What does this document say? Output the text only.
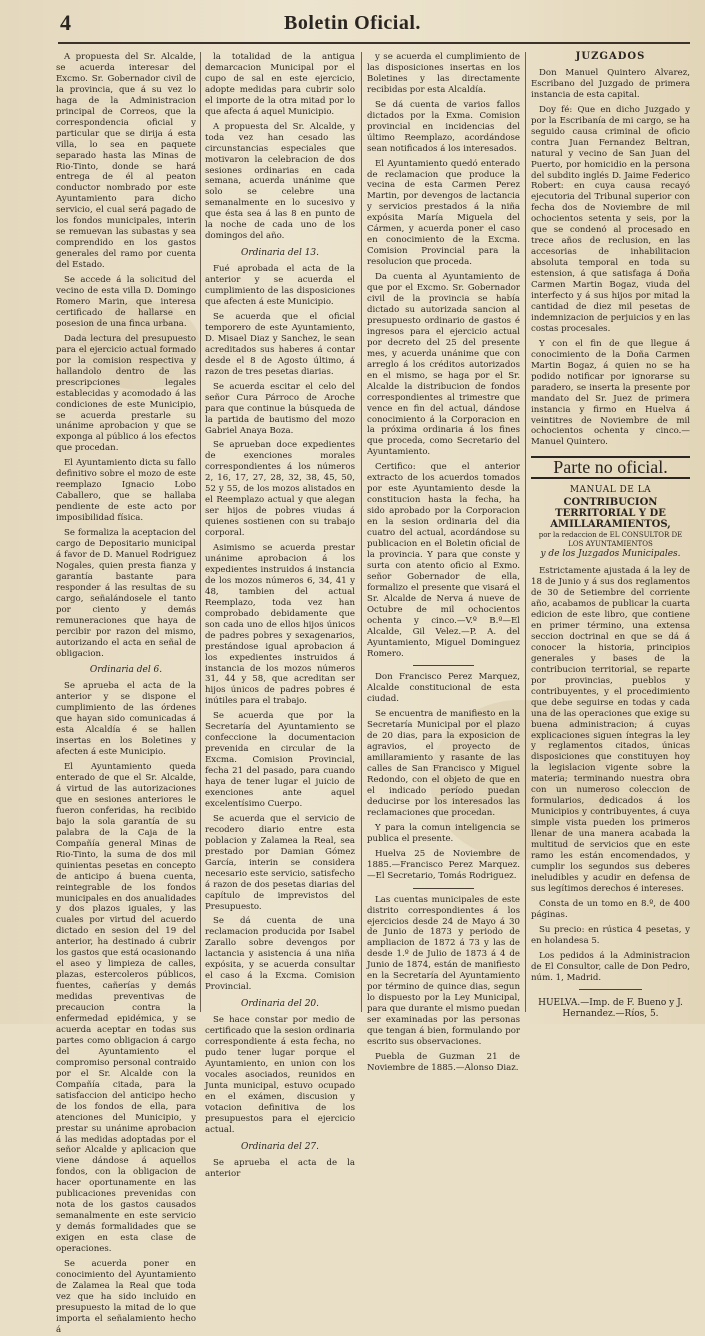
4	Boletin Oficial.

A propuesta del Sr. Alcalde, se acuerda interesar del Excmo. Sr. Gobernador civil de la provincia, que á su vez lo haga de la Administracion principal de Correos, que la correspondencia oficial y particular que se dirija á esta villa, lo sea en paquete separado hasta las Minas de Rio-Tinto, donde se hará entrega de él al peaton conductor nombrado por este Ayuntamiento para dicho servicio, el cual será pagado de los fondos municipales, interin se remuevan las subastas y sea comprendido en los gastos generales del ramo por cuenta del Estado.

Se accede á la solicitud del vecino de esta villa D. Domingo Romero Marin, que interesa certificado de hallarse en posesion de una finca urbana.

Dada lectura del presupuesto para el ejercicio actual formado por la comision respectiva y hallandolo dentro de las prescripciones legales establecidas y acomodado á las condiciones de este Municipio, se acuerda prestarle su unánime aprobacion y que se exponga al público á los efectos que procedan.

El Ayuntamiento dicta su fallo definitivo sobre el mozo de este reemplazo Ignacio Lobo Caballero, que se hallaba pendiente de este acto por imposibilidad física.

Se formaliza la aceptacion del cargo de Depositario municipal á favor de D. Manuel Rodriguez Nogales, quien presta fianza y garantía bastante para responder á las resultas de su cargo, señalándosele el tanto por ciento y demás remuneraciones que haya de percibir por razon del mismo, autorizando el acta en señal de obligacion.

Ordinaria del 6.

Se aprueba el acta de la anterior y se dispone el cumplimiento de las órdenes que hayan sido comunicadas á esta Alcaldía é se hallen insertas en los Boletines y afecten á este Municipio.

El Ayuntamiento queda enterado de que el Sr. Alcalde, á virtud de las autorizaciones que en sesiones anteriores le fueron conferidas, ha recibido bajo la sola garantía de su palabra de la Caja de la Compañía general Minas de Rio-Tinto, la suma de dos mil quinientas pesetas en concepto de anticipo á buena cuenta, reintegrable de los fondos municipales en dos anualidades y dos plazos iguales, y las cuales por virtud del acuerdo dictado en sesion del 19 del anterior, ha destinado á cubrir los gastos que está ocasionando el aseo y limpieza de calles, plazas, estercoleros públicos, fuentes, cañerías y demás medidas preventivas de precaucion contra la enfermedad epidémica, y se acuerda aceptar en todas sus partes como obligacion á cargo del Ayuntamiento el compromiso personal contraido por el Sr. Alcalde con la Compañía citada, para la satisfaccion del anticipo hecho de los fondos de ella, para atenciones del Municipio, y prestar su unánime aprobacion á las medidas adoptadas por el señor Alcalde y aplicacion que viene dándose á aquellos fondos, con la obligacion de hacer oportunamente en las publicaciones prevenidas con nota de los gastos causados semanalmente en este servicio y demás formalidades que se exigen en esta clase de operaciones.

Se acuerda poner en conocimiento del Ayuntamiento de Zalamea la Real que toda vez que ha sido incluido en presupuesto la mitad de lo que importa el señalamiento hecho á

la totalidad de la antigua demarcacion Municipal por el cupo de sal en este ejercicio, adopte medidas para cubrir solo el importe de la otra mitad por lo que afecta á aquel Municipio.

A propuesta del Sr. Alcalde, y toda vez han cesado las circunstancias especiales que motivaron la celebracion de dos sesiones ordinarias en cada semana, acuerda unánime que solo se celebre una semanalmente en lo sucesivo y que ésta sea á las 8 en punto de la noche de cada uno de los domingos del año.

Ordinaria del 13.

Fué aprobada el acta de la anterior y se acuerda el cumplimiento de las disposiciones que afecten á este Municipio.

Se acuerda que el oficial temporero de este Ayuntamiento, D. Misael Diaz y Sanchez, le sean acreditados sus haberes á contar desde el 8 de Agosto último, á razon de tres pesetas diarias.

Se acuerda escitar el celo del señor Cura Párroco de Aroche para que continue la búsqueda de la partida de bautismo del mozo Gabriel Anaya Boza.

Se aprueban doce expedientes de exenciones morales correspondientes á los números 2, 16, 17, 27, 28, 32, 38, 45, 50, 52 y 55, de los mozos alistados en el Reemplazo actual y que alegan ser hijos de pobres viudas á quienes sostienen con su trabajo corporal.

Asimismo se acuerda prestar unánime aprobacion á los expedientes instruidos á instancia de los mozos números 6, 34, 41 y 48, tambien del actual Reemplazo, toda vez han comprobado debidamente que son cada uno de ellos hijos únicos de padres pobres y sexagenarios, prestándose igual aprobacion á los expedientes instruidos á instancia de los mozos números 31, 44 y 58, que acreditan ser hijos únicos de padres pobres é inútiles para el trabajo.

Se acuerda que por la Secretaría del Ayuntamiento se confeccione la documentacion prevenida en circular de la Excma. Comision Provincial, fecha 21 del pasado, para cuando haya de tener lugar el juicio de exenciones ante aquel excelentísimo Cuerpo.

Se acuerda que el servicio de recodero diario entre esta poblacion y Zalamea la Real, sea prestado por Damian Gómez García, interin se considera necesario este servicio, satisfecho á razon de dos pesetas diarias del capítulo de imprevistos del Presupuesto.

Se dá cuenta de una reclamacion producida por Isabel Zarallo sobre devengos por lactancia y asistencia á una niña expósita, y se acuerda consultar el caso á la Excma. Comision Provincial.

Ordinaria del 20.

Se hace constar por medio de certificado que la sesion ordinaria correspondiente á esta fecha, no pudo tener lugar porque el Ayuntamiento, en union con los vocales asociados, reunidos en Junta municipal, estuvo ocupado en el exámen, discusion y votacion definitiva de los presupuestos para el ejercicio actual.

Ordinaria del 27.

Se aprueba el acta de la anterior

y se acuerda el cumplimiento de las disposiciones insertas en los Boletines y las directamente recibidas por esta Alcaldía.

Se dá cuenta de varios fallos dictados por la Exma. Comision provincial en incidencias del último Reemplazo, acordándose sean notificados á los interesados.

El Ayuntamiento quedó enterado de reclamacion que produce la vecina de esta Carmen Perez Martin, por devengos de lactancia y servicios prestados á la niña expósita María Miguela del Cármen, y acuerda poner el caso en conocimiento de la Excma. Comision Provincial para la resolucion que proceda.

Da cuenta al Ayuntamiento de que por el Excmo. Sr. Gobernador civil de la provincia se había dictado su autorizada sancion al presupuesto ordinario de gastos é ingresos para el ejercicio actual por decreto del 25 del presente mes, y acuerda unánime que con arreglo á los créditos autorizados en el mismo, se haga por el Sr. Alcalde la distribucion de fondos correspondientes al trimestre que vence en fin del actual, dándose conocimiento á la Corporacion en la próxima ordinaria á los fines que proceda, como Secretario del Ayuntamiento.

Certifico: que el anterior extracto de los acuerdos tomados por este Ayuntamiento desde la constitucion hasta la fecha, ha sido aprobado por la Corporacion en la sesion ordinaria del dia cuatro del actual, acordándose su publicacion en el Boletin oficial de la provincia. Y para que conste y surta con atento oficio al Exmo. señor Gobernador de ella, formalizo el presente que visará el Sr. Alcalde de Nerva á nueve de Octubre de mil ochocientos ochenta y cinco.—V.º B.º—El Alcalde, Gil Velez.—P. A. del Ayuntamiento, Miguel Dominguez Romero.

Don Francisco Perez Marquez, Alcalde constitucional de esta ciudad.

Se encuentra de manifiesto en la Secretaría Municipal por el plazo de 20 dias, para la exposicion de agravios, el proyecto de amillaramiento y rasante de las calles de San Francisco y Miguel Redondo, con el objeto de que en el indicado período puedan deducirse por los interesados las reclamaciones que procedan.

Y para la comun inteligencia se publica el presente.

Huelva 25 de Noviembre de 1885.—Francisco Perez Marquez.—El Secretario, Tomás Rodriguez.

Las cuentas municipales de este distrito correspondientes á los ejercicios desde 24 de Mayo á 30 de Junio de 1873 y periodo de ampliacion de 1872 á 73 y las de desde 1.º de Julio de 1873 á 4 de Junio de 1874, están de manifiesto en la Secretaría del Ayuntamiento por término de quince dias, segun lo dispuesto por la Ley Municipal, para que durante el mismo puedan ser examinadas por las personas que tengan á bien, formulando por escrito sus observaciones.

Puebla de Guzman 21 de Noviembre de 1885.—Alonso Diaz.

JUZGADOS

Don Manuel Quintero Alvarez, Escribano del Juzgado de primera instancia de esta capital.

Doy fé: Que en dicho Juzgado y por la Escribanía de mi cargo, se ha seguido causa criminal de oficio contra Juan Fernandez Beltran, natural y vecino de San Juan del Puerto, por homicidio en la persona del subdito inglés D. Jaime Federico Robert: en cuya causa recayó ejecutoria del Tribunal superior con fecha dos de Noviembre de mil ochocientos setenta y seis, por la que se condenó al procesado en trece años de reclusion, en las accesorias de inhabilitacion absoluta temporal en toda su estension, á que satisfaga á Doña Carmen Martin Bogaz, viuda del interfecto y á sus hijos por mitad la cantidad de diez mil pesetas de indemnizacion de perjuicios y en las costas procesales.

Y con el fin de que llegue á conocimiento de la Doña Carmen Martin Bogaz, á quien no se ha podido notificar por ignorarse su paradero, se inserta la presente por mandato del Sr. Juez de primera instancia y firmo en Huelva á veintitres de Noviembre de mil ochocientos ochenta y cinco.—Manuel Quintero.

Parte no oficial.
MANUAL DE LA
CONTRIBUCION TERRITORIAL Y DE AMILLARAMIENTOS,
por la redaccion de EL CONSULTOR DE LOS AYUNTAMIENTOS
y de los Juzgados Municipales.

Estrictamente ajustada á la ley de 18 de Junio y á sus dos reglamentos de 30 de Setiembre del corriente año, acabamos de publicar la cuarta edicion de este libro, que contiene en primer término, una extensa seccion doctrinal en que se dá á conocer la historia, principios generales y bases de la contribucion territorial, se reparte por provincias, pueblos y contribuyentes, y el procedimiento que debe seguirse en todas y cada una de las operaciones que exige su buena administracion; á cuyas explicaciones siguen íntegras la ley y reglamentos citados, únicas disposiciones que constituyen hoy la legislacion vigente sobre la materia; terminando nuestra obra con un numeroso coleccion de formularios, dedicados á los Municipios y contribuyentes, á cuya simple vista pueden los primeros llenar de una manera acabada la multitud de servicios que en este ramo les están encomendados, y cumplir los segundos sus deberes ineludibles y acudir en defensa de sus legítimos derechos é intereses.

Consta de un tomo en 8.º, de 400 páginas.

Su precio: en rústica 4 pesetas, y en holandesa 5.

Los pedidos á la Administracion de El Consultor, calle de Don Pedro, núm. 1, Madrid.

HUELVA.—Imp. de F. Bueno y J. Hernandez.—Ríos, 5.
